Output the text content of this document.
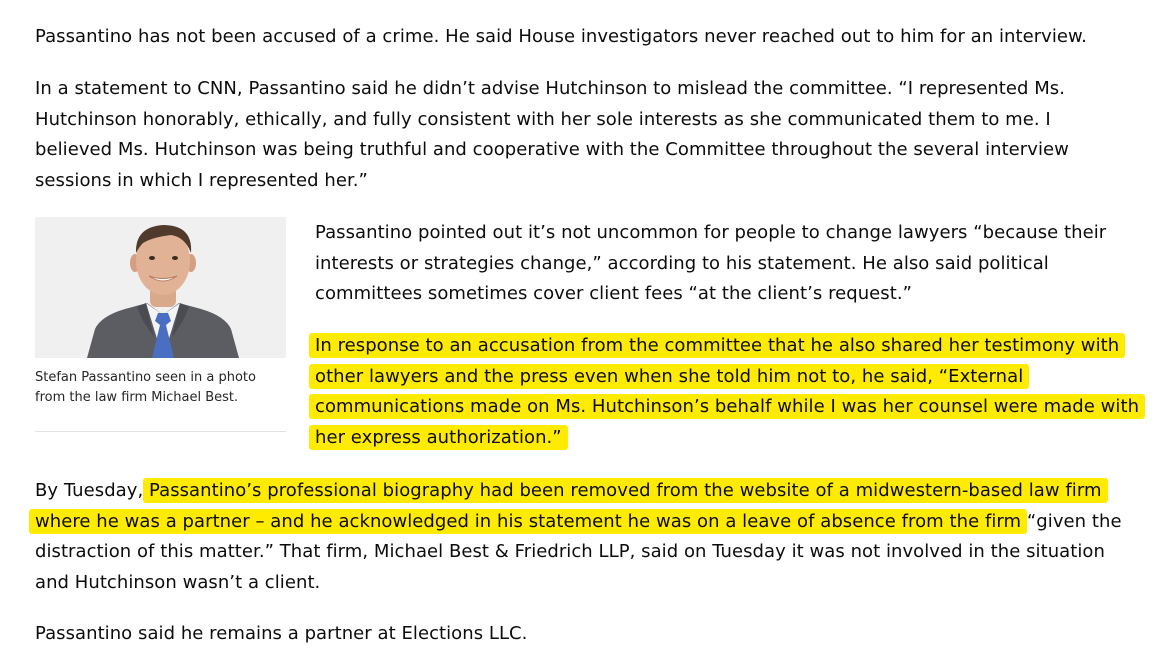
Passantino has not been accused of a crime. He said House investigators never reached out to him for an interview.

In a statement to CNN, Passantino said he didn’t advise Hutchinson to mislead the committee. “I represented Ms. Hutchinson honorably, ethically, and fully consistent with her sole interests as she communicated them to me. I believed Ms. Hutchinson was being truthful and cooperative with the Committee throughout the several interview sessions in which I represented her.”

Stefan Passantino seen in a photo from the law firm Michael Best.

Passantino pointed out it’s not uncommon for people to change lawyers “because their interests or strategies change,” according to his statement. He also said political committees sometimes cover client fees “at the client’s request.”

In response to an accusation from the committee that he also shared her testimony with other lawyers and the press even when she told him not to, he said, “External communications made on Ms. Hutchinson’s behalf while I was her counsel were made with her express authorization.”

By Tuesday, Passantino’s professional biography had been removed from the website of a midwestern-based law firm where he was a partner – and he acknowledged in his statement he was on a leave of absence from the firm “given the distraction of this matter.” That firm, Michael Best & Friedrich LLP, said on Tuesday it was not involved in the situation and Hutchinson wasn’t a client.

Passantino said he remains a partner at Elections LLC.
